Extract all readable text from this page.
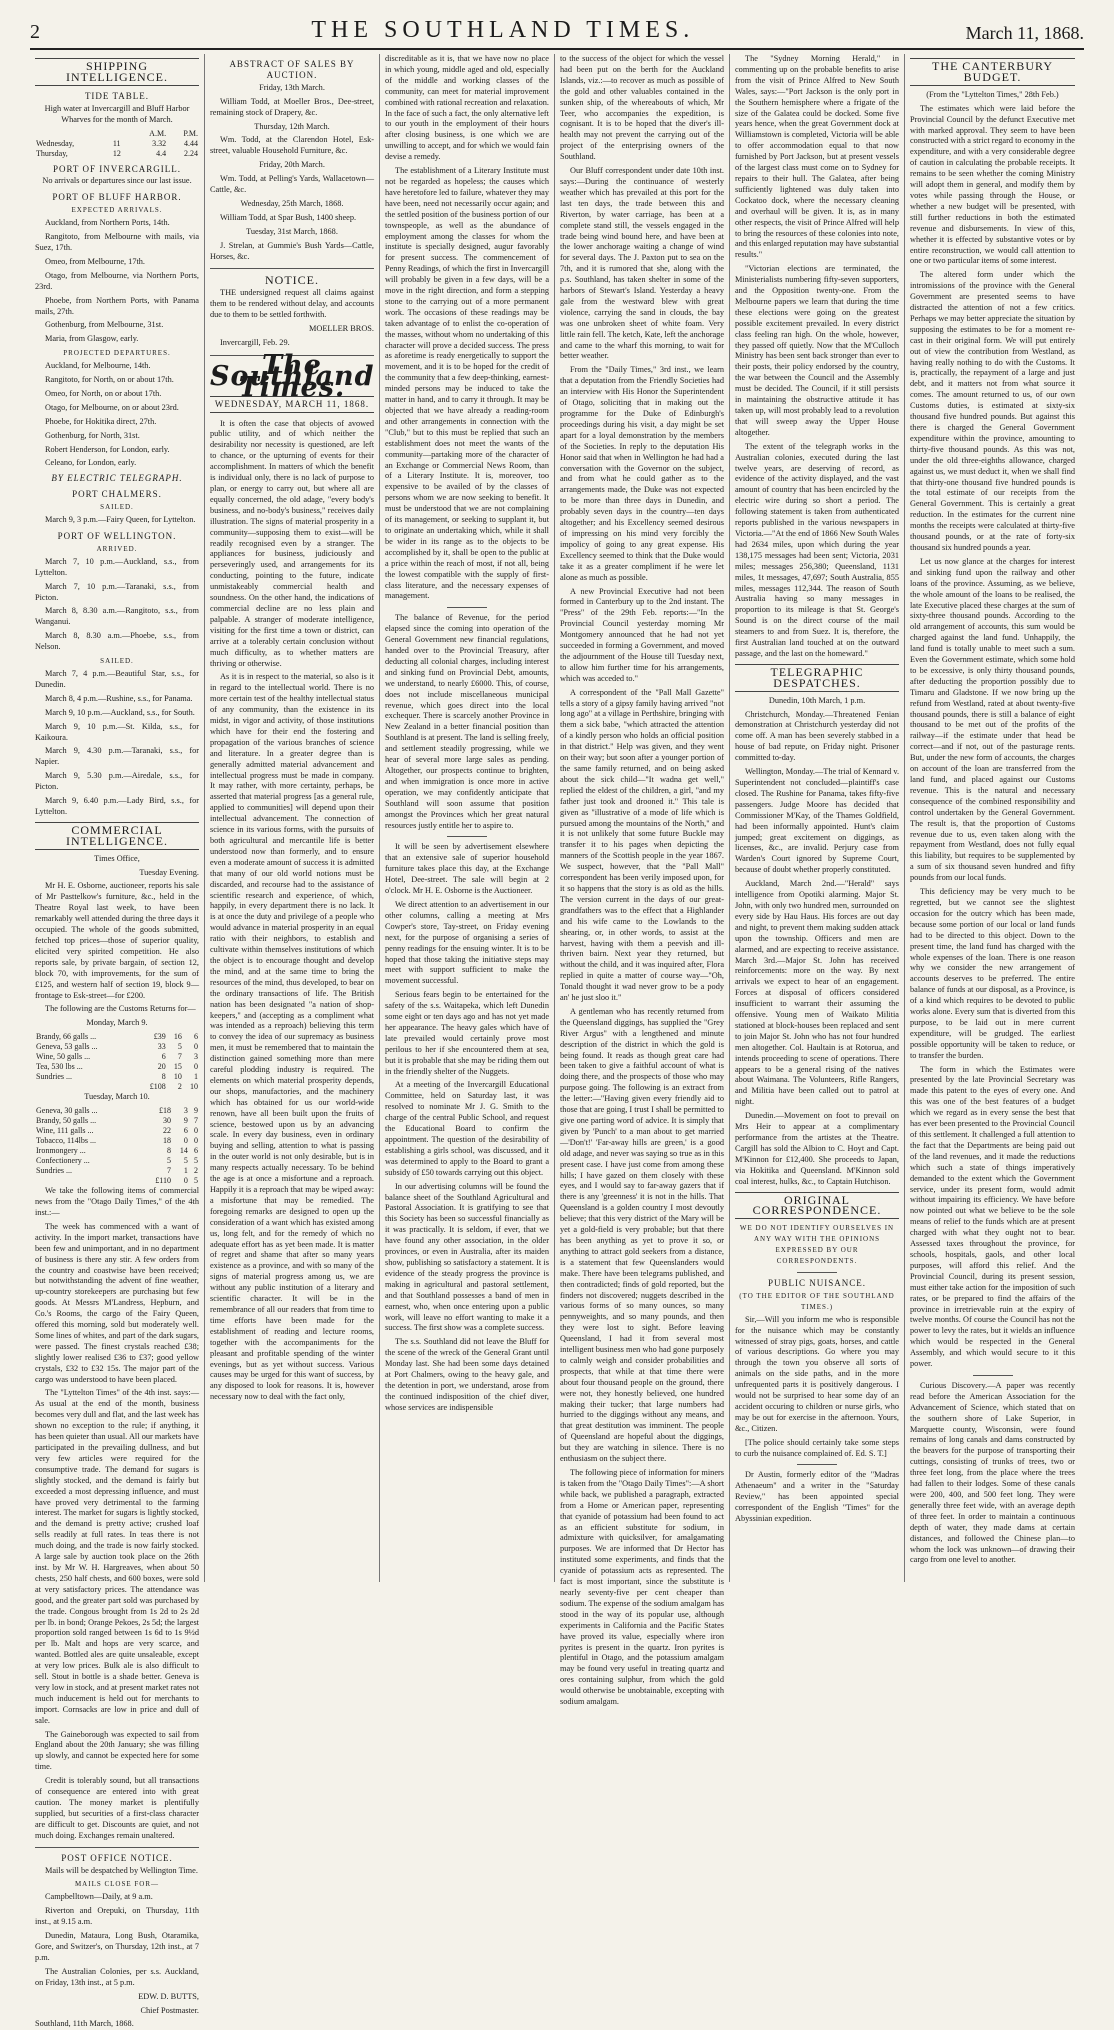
2	THE SOUTHLAND TIMES.	March 11, 1868.
SHIPPING INTELLIGENCE.
TIDE TABLE.

High water at Invercargill and Bluff Harbor Wharves for the month of March.

		A.M.	P.M.
Wednesday,	11	3.32	4.44
Thursday,	12	4.4	2.24
PORT OF INVERCARGILL.

No arrivals or departures since our last issue.

PORT OF BLUFF HARBOR.
EXPECTED ARRIVALS.

Auckland, from Northern Ports, 14th.

Rangitoto, from Melbourne with mails, via Suez, 17th.

Omeo, from Melbourne, 17th.

Otago, from Melbourne, via Northern Ports, 23rd.

Phoebe, from Northern Ports, with Panama mails, 27th.

Gothenburg, from Melbourne, 31st.

Maria, from Glasgow, early.

PROJECTED DEPARTURES.

Auckland, for Melbourne, 14th.

Rangitoto, for North, on or about 17th.

Omeo, for North, on or about 17th.

Otago, for Melbourne, on or about 23rd.

Phoebe, for Hokitika direct, 27th.

Gothenburg, for North, 31st.

Robert Henderson, for London, early.

Celeano, for London, early.

BY ELECTRIC TELEGRAPH.
PORT CHALMERS.
SAILED.

March 9, 3 p.m.—Fairy Queen, for Lyttelton.

PORT OF WELLINGTON.
ARRIVED.

March 7, 10 p.m.—Auckland, s.s., from Lyttelton.

March 7, 10 p.m.—Taranaki, s.s., from Picton.

March 8, 8.30 a.m.—Rangitoto, s.s., from Wanganui.

March 8, 8.30 a.m.—Phoebe, s.s., from Nelson.

SAILED.

March 7, 4 p.m.—Beautiful Star, s.s., for Dunedin.

March 8, 4 p.m.—Rushine, s.s., for Panama.

March 9, 10 p.m.—Auckland, s.s., for South.

March 9, 10 p.m.—St. Kilda, s.s., for Kaikoura.

March 9, 4.30 p.m.—Taranaki, s.s., for Napier.

March 9, 5.30 p.m.—Airedale, s.s., for Picton.

March 9, 6.40 p.m.—Lady Bird, s.s., for Lyttelton.

COMMERCIAL INTELLIGENCE.

Times Office,

Tuesday Evening.

Mr H. E. Osborne, auctioneer, reports his sale of Mr Pasttelkow's furniture, &c., held in the Theatre Royal last week, to have been remarkably well attended during the three days it occupied. The whole of the goods submitted, fetched top prices—those of superior quality, elicited very spirited competition. He also reports sale, by private bargain, of section 12, block 70, with improvements, for the sum of £125, and western half of section 19, block 9—frontage to Esk-street—for £200.

The following are the Customs Returns for—

Monday, March 9.

Brandy, 66 galls ...	£39	16	6
Geneva, 53 galls ...	33	5	0
Wine, 50 galls ...	6	7	3
Tea, 530 lbs ...	20	15	0
Sundries ...	8	10	1
	£108	2	10

Tuesday, March 10.

Geneva, 30 galls ...	£18	3	9
Brandy, 50 galls ...	30	9	7
Wine, 111 galls ...	22	6	0
Tobacco, 114lbs ...	18	0	0
Ironmongery ...	8	14	6
Confectionery ...	5	5	5
Sundries ...	7	1	2
	£110	0	5

We take the following items of commercial news from the "Otago Daily Times," of the 4th inst.:—

The week has commenced with a want of activity. In the import market, transactions have been few and unimportant, and in no department of business is there any stir. A few orders from the country and coastwise have been received; but notwithstanding the advent of fine weather, up-country storekeepers are purchasing but few goods. At Messrs M'Landress, Hepburn, and Co.'s Rooms, the cargo of the Fairy Queen, offered this morning, sold but moderately well. Some lines of whites, and part of the dark sugars, were passed. The finest crystals reached £38; slightly lower realised £36 to £37; good yellow crystals, £32 to £32 15s. The major part of the cargo was understood to have been placed.

The "Lyttelton Times" of the 4th inst. says:—As usual at the end of the month, business becomes very dull and flat, and the last week has shown no exception to the rule; if anything, it has been quieter than usual. All our markets have participated in the prevailing dullness, and but very few articles were required for the consumptive trade. The demand for sugars is slightly stocked, and the demand is fairly but exceeded a most depressing influence, and must have proved very detrimental to the farming interest. The market for sugars is lightly stocked, and the demand is pretty active; crushed loaf sells readily at full rates. In teas there is not much doing, and the trade is now fairly stocked. A large sale by auction took place on the 26th inst. by Mr W. H. Hargreaves, when about 50 chests, 250 half chests, and 600 boxes, were sold at very satisfactory prices. The attendance was good, and the greater part sold was purchased by the trade. Congous brought from 1s 2d to 2s 2d per lb. in bond; Orange Pekoes, 2s 5d; the largest proportion sold ranged between 1s 6d to 1s 9½d per lb. Malt and hops are very scarce, and wanted. Bottled ales are quite unsaleable, except at very low prices. Bulk ale is also difficult to sell. Stout in bottle is a shade better. Geneva is very low in stock, and at present market rates not much inducement is held out for merchants to import. Cornsacks are low in price and dull of sale.

The Gaineborough was expected to sail from England about the 20th January; she was filling up slowly, and cannot be expected here for some time.

Credit is tolerably sound, but all transactions of consequence are entered into with great caution. The money market is plentifully supplied, but securities of a first-class character are difficult to get. Discounts are quiet, and not much doing. Exchanges remain unaltered.

POST OFFICE NOTICE.

Mails will be despatched by Wellington Time.

MAILS CLOSE FOR—

Campbelltown—Daily, at 9 a.m.

Riverton and Orepuki, on Thursday, 11th inst., at 9.15 a.m.

Dunedin, Mataura, Long Bush, Otaramika, Gore, and Switzer's, on Thursday, 12th inst., at 7 p.m.

The Australian Colonies, per s.s. Auckland, on Friday, 13th inst., at 5 p.m.

EDW. D. BUTTS,

Chief Postmaster.

Southland, 11th March, 1868.

ABSTRACT OF SALES BY AUCTION.

Friday, 13th March.

William Todd, at Moeller Bros., Dee-street, remaining stock of Drapery, &c.

Thursday, 12th March.

Wm. Todd, at the Clarendon Hotel, Esk-street, valuable Household Furniture, &c.

Friday, 20th March.

Wm. Todd, at Pelling's Yards, Wallacetown—Cattle, &c.

Wednesday, 25th March, 1868.

William Todd, at Spar Bush, 1400 sheep.

Tuesday, 31st March, 1868.

J. Strelan, at Gummie's Bush Yards—Cattle, Horses, &c.

NOTICE.

THE undersigned request all claims against them to be rendered without delay, and accounts due to them to be settled forthwith.

MOELLER BROS.

Invercargill, Feb. 29.

The Southland Times.
WEDNESDAY, MARCH 11, 1868.

It is often the case that objects of avowed public utility, and of which neither the desirability nor necessity is questioned, are left to chance, or the upturning of events for their accomplishment. In matters of which the benefit is individual only, there is no lack of purpose to plan, or energy to carry out, but where all are equally concerned, the old adage, "every body's business, and no-body's business," receives daily illustration. The signs of material prosperity in a community—supposing them to exist—will be readily recognised even by a stranger. The appliances for business, judiciously and perseveringly used, and arrangements for its conducting, pointing to the future, indicate unmistakeably commercial health and soundness. On the other hand, the indications of commercial decline are no less plain and palpable. A stranger of moderate intelligence, visiting for the first time a town or district, can arrive at a tolerably certain conclusion without much difficulty, as to whether matters are thriving or otherwise.

As it is in respect to the material, so also is it in regard to the intellectual world. There is no more certain test of the healthy intellectual status of any community, than the existence in its midst, in vigor and activity, of those institutions which have for their end the fostering and propagation of the various branches of science and literature. In a greater degree than is generally admitted material advancement and intellectual progress must be made in company. It may rather, with more certainty, perhaps, be asserted that material progress [as a general rule, applied to communities] will depend upon their intellectual advancement. The connection of science in its various forms, with the pursuits of both agricultural and mercantile life is better understood now than formerly, and to ensure even a moderate amount of success it is admitted that many of our old world notions must be discarded, and recourse had to the assistance of scientific research and experience, of which, happily, in every department there is no lack. It is at once the duty and privilege of a people who would advance in material prosperity in an equal ratio with their neighbors, to establish and cultivate within themselves institutions of which the object is to encourage thought and develop the mind, and at the same time to bring the resources of the mind, thus developed, to bear on the ordinary transactions of life. The British nation has been designated "a nation of shop-keepers," and (accepting as a compliment what was intended as a reproach) believing this term to convey the idea of our supremacy as business men, it must be remembered that to maintain the distinction gained something more than mere careful plodding industry is required. The elements on which material prosperity depends, our shops, manufactories, and the machinery which has obtained for us our world-wide renown, have all been built upon the fruits of science, bestowed upon us by an advancing scale. In every day business, even in ordinary buying and selling, attention to what is passing in the outer world is not only desirable, but is in many respects actually necessary. To be behind the age is at once a misfortune and a reproach. Happily it is a reproach that may be wiped away: a misfortune that may be remedied. The foregoing remarks are designed to open up the consideration of a want which has existed among us, long felt, and for the remedy of which no adequate effort has as yet been made. It is matter of regret and shame that after so many years existence as a province, and with so many of the signs of material progress among us, we are without any public institution of a literary and scientific character. It will be in the remembrance of all our readers that from time to time efforts have been made for the establishment of reading and lecture rooms, together with the accompaniments for the pleasant and profitable spending of the winter evenings, but as yet without success. Various causes may be urged for this want of success, by any disposed to look for reasons. It is, however necessary now to deal with the fact only,

discreditable as it is, that we have now no place in which young, middle aged and old, especially of the middle and working classes of the community, can meet for material improvement combined with rational recreation and relaxation. In the face of such a fact, the only alternative left to our youth in the employment of their hours after closing business, is one which we are unwilling to accept, and for which we would fain devise a remedy.

The establishment of a Literary Institute must not be regarded as hopeless; the causes which have heretofore led to failure, whatever they may have been, need not necessarily occur again; and the settled position of the business portion of our townspeople, as well as the abundance of employment among the classes for whom the institute is specially designed, augur favorably for present success. The commencement of Penny Readings, of which the first in Invercargill will probably be given in a few days, will be a move in the right direction, and form a stepping stone to the carrying out of a more permanent work. The occasions of these readings may be taken advantage of to enlist the co-operation of the masses, without whom no undertaking of this character will prove a decided success. The press as aforetime is ready energetically to support the movement, and it is to be hoped for the credit of the community that a few deep-thinking, earnest-minded persons may be induced to take the matter in hand, and to carry it through. It may be objected that we have already a reading-room and other arrangements in connection with the "Club," but to this must be replied that such an establishment does not meet the wants of the community—partaking more of the character of an Exchange or Commercial News Room, than of a Literary Institute. It is, moreover, too expensive to be availed of by the classes of persons whom we are now seeking to benefit. It must be understood that we are not complaining of its management, or seeking to supplant it, but to originate an undertaking which, while it shall be wider in its range as to the objects to be accomplished by it, shall be open to the public at a price within the reach of most, if not all, being the lowest compatible with the supply of first-class literature, and the necessary expenses of management.

The balance of Revenue, for the period elapsed since the coming into operation of the General Government new financial regulations, handed over to the Provincial Treasury, after deducting all colonial charges, including interest and sinking fund on Provincial Debt, amounts, we understand, to nearly £6000. This, of course, does not include miscellaneous municipal revenue, which goes direct into the local exchequer. There is scarcely another Province in New Zealand in a better financial position than Southland is at present. The land is selling freely, and settlement steadily progressing, while we hear of several more large sales as pending. Altogether, our prospects continue to brighten, and when immigration is once more in active operation, we may confidently anticipate that Southland will soon assume that position amongst the Provinces which her great natural resources justly entitle her to aspire to.

It will be seen by advertisement elsewhere that an extensive sale of superior household furniture takes place this day, at the Exchange Hotel, Dee-street. The sale will begin at 2 o'clock. Mr H. E. Osborne is the Auctioneer.

We direct attention to an advertisement in our other columns, calling a meeting at Mrs Cowper's store, Tay-street, on Friday evening next, for the purpose of organising a series of penny readings for the ensuing winter. It is to be hoped that those taking the initiative steps may meet with support sufficient to make the movement successful.

Serious fears begin to be entertained for the safety of the s.s. Waitapeka, which left Dunedin some eight or ten days ago and has not yet made her appearance. The heavy gales which have of late prevailed would certainly prove most perilous to her if she encountered them at sea, but it is probable that she may be riding them out in the friendly shelter of the Nuggets.

At a meeting of the Invercargill Educational Committee, held on Saturday last, it was resolved to nominate Mr J. G. Smith to the charge of the central Public School, and request the Educational Board to confirm the appointment. The question of the desirability of establishing a girls school, was discussed, and it was determined to apply to the Board to grant a subsidy of £50 towards carrying out this object.

In our advertising columns will be found the balance sheet of the Southland Agricultural and Pastoral Association. It is gratifying to see that this Society has been so successful financially as it was practically. It is seldom, if ever, that we have found any other association, in the older provinces, or even in Australia, after its maiden show, publishing so satisfactory a statement. It is evidence of the steady progress the province is making in agricultural and pastoral settlement, and that Southland possesses a band of men in earnest, who, when once entering upon a public work, will leave no effort wanting to make it a success. The first show was a complete success.

The s.s. Southland did not leave the Bluff for the scene of the wreck of the General Grant until Monday last. She had been some days detained at Port Chalmers, owing to the heavy gale, and the detention in port, we understand, arose from the continued indisposition of the chief diver, whose services are indispensible

to the success of the object for which the vessel had been put on the berth for the Auckland Islands, viz.:—to recover as much as possible of the gold and other valuables contained in the sunken ship, of the whereabouts of which, Mr Teer, who accompanies the expedition, is cognisant. It is to be hoped that the diver's ill-health may not prevent the carrying out of the project of the enterprising owners of the Southland.

Our Bluff correspondent under date 10th inst. says:—During the continuance of westerly weather which has prevailed at this port for the last ten days, the trade between this and Riverton, by water carriage, has been at a complete stand still, the vessels engaged in the trade being wind bound here, and have been at the lower anchorage waiting a change of wind for several days. The J. Paxton put to sea on the 7th, and it is rumored that she, along with the p.s. Southland, has taken shelter in some of the harbors of Stewart's Island. Yesterday a heavy gale from the westward blew with great violence, carrying the sand in clouds, the bay was one unbroken sheet of white foam. Very little rain fell. The ketch, Kate, left the anchorage and came to the wharf this morning, to wait for better weather.

From the "Daily Times," 3rd inst., we learn that a deputation from the Friendly Societies had an interview with His Honor the Superintendent of Otago, soliciting that in making out the programme for the Duke of Edinburgh's proceedings during his visit, a day might be set apart for a loyal demonstration by the members of the Societies. In reply to the deputation His Honor said that when in Wellington he had had a conversation with the Governor on the subject, and from what he could gather as to the arrangements made, the Duke was not expected to be more than three days in Dunedin, and probably seven days in the country—ten days altogether; and his Excellency seemed desirous of impressing on his mind very forcibly the impolicy of going to any great expense. His Excellency seemed to think that the Duke would take it as a greater compliment if he were let alone as much as possible.

A new Provincial Executive had not been formed in Canterbury up to the 2nd instant. The "Press" of the 29th Feb. reports:—"In the Provincial Council yesterday morning Mr Montgomery announced that he had not yet succeeded in forming a Government, and moved the adjournment of the House till Tuesday next, to allow him further time for his arrangements, which was acceded to."

A correspondent of the "Pall Mall Gazette" tells a story of a gipsy family having arrived "not long ago" at a village in Perthshire, bringing with them a sick babe, "which attracted the attention of a kindly person who holds an official position in that district." Help was given, and they went on their way; but soon after a younger portion of the same family returned, and on being asked about the sick child—"It wadna get well," replied the eldest of the children, a girl, "and my father just took and drooned it." This tale is given as "illustrative of a mode of life which is pursued among the mountains of the North," and it is not unlikely that some future Buckle may transfer it to his pages when depicting the manners of the Scottish people in the year 1867. We suspect, however, that the "Pall Mall" correspondent has been verily imposed upon, for it so happens that the story is as old as the hills. The version current in the days of our great-grandfathers was to the effect that a Highlander and his wife came to the Lowlands to the shearing, or, in other words, to assist at the harvest, having with them a peevish and ill-thriven bairn. Next year they returned, but without the child, and it was inquired after, Flora replied in quite a matter of course way—"Oh, Tonald thought it wad never grow to be a pody an' he just sloo it."

A gentleman who has recently returned from the Queensland diggings, has supplied the "Grey River Argus" with a lengthened and minute description of the district in which the gold is being found. It reads as though great care had been taken to give a faithful account of what is doing there, and the prospects of those who may purpose going. The following is an extract from the letter:—"Having given every friendly aid to those that are going, I trust I shall be permitted to give one parting word of advice. It is simply that given by 'Punch' to a man about to get married—'Don't!' 'Far-away hills are green,' is a good old adage, and never was saying so true as in this present case. I have just come from among these hills; I have gazed on them closely with these eyes, and I would say to far-away gazers that if there is any 'greenness' it is not in the hills. That Queensland is a golden country I most devoutly believe; that this very district of the Mary will be yet a gold-field is very probable; but that there has been anything as yet to prove it so, or anything to attract gold seekers from a distance, is a statement that few Queenslanders would make. There have been telegrams published, and then contradicted; finds of gold reported, but the finders not discovered; nuggets described in the various forms of so many ounces, so many pennyweights, and so many pounds, and then they were lost to sight. Before leaving Queensland, I had it from several most intelligent business men who had gone purposely to calmly weigh and consider probabilities and prospects, that while at that time there were about four thousand people on the ground, there were not, they honestly believed, one hundred making their tucker; that large numbers had hurried to the diggings without any means, and that great destitution was imminent. The people of Queensland are hopeful about the diggings, but they are watching in silence. There is no enthusiasm on the subject there.

The following piece of information for miners is taken from the "Otago Daily Times":—A short while back, we published a paragraph, extracted from a Home or American paper, representing that cyanide of potassium had been found to act as an efficient substitute for sodium, in admixture with quicksilver, for amalgamating purposes. We are informed that Dr Hector has instituted some experiments, and finds that the cyanide of potassium acts as represented. The fact is most important, since the substitute is nearly seventy-five per cent cheaper than sodium. The expense of the sodium amalgam has stood in the way of its popular use, although experiments in California and the Pacific States have proved its value, especially where iron pyrites is present in the quartz. Iron pyrites is plentiful in Otago, and the potassium amalgam may be found very useful in treating quartz and ores containing sulphur, from which the gold would otherwise be unobtainable, excepting with sodium amalgam.

The "Sydney Morning Herald," in commenting up on the probable benefits to arise from the visit of Prince Alfred to New South Wales, says:—"Port Jackson is the only port in the Southern hemisphere where a frigate of the size of the Galatea could be docked. Some five years hence, when the great Government dock at Williamstown is completed, Victoria will be able to offer accommodation equal to that now furnished by Port Jackson, but at present vessels of the largest class must come on to Sydney for repairs to their hull. The Galatea, after being sufficiently lightened was duly taken into Cockatoo dock, where the necessary cleaning and overhaul will be given. It is, as in many other respects, the visit of Prince Alfred will help to bring the resources of these colonies into note, and this enlarged reputation may have substantial results."

"Victorian elections are terminated, the Ministerialists numbering fifty-seven supporters, and the Opposition twenty-one. From the Melbourne papers we learn that during the time these elections were going on the greatest possible excitement prevailed. In every district class feeling ran high. On the whole, however, they passed off quietly. Now that the M'Culloch Ministry has been sent back stronger than ever to their posts, their policy endorsed by the country, the war between the Council and the Assembly must be decided. The Council, if it still persists in maintaining the obstructive attitude it has taken up, will most probably lead to a revolution that will sweep away the Upper House altogether.

The extent of the telegraph works in the Australian colonies, executed during the last twelve years, are deserving of record, as evidence of the activity displayed, and the vast amount of country that has been encircled by the electric wire during so short a period. The following statement is taken from authenticated reports published in the various newspapers in Victoria.—"At the end of 1866 New South Wales had 2634 miles, upon which during the year 138,175 messages had been sent; Victoria, 2031 miles; messages 256,380; Queensland, 1131 miles, 1t messages, 47,697; South Australia, 855 miles, messages 112,344. The reason of South Australia having so many messages in proportion to its mileage is that St. George's Sound is on the direct course of the mail steamers to and from Suez. It is, therefore, the first Australian land touched at on the outward passage, and the last on the homeward."

TELEGRAPHIC DESPATCHES.

Dunedin, 10th March, 1 p.m.

Christchurch, Monday.—Threatened Fenian demonstration at Christchurch yesterday did not come off. A man has been severely stabbed in a house of bad repute, on Friday night. Prisoner committed to-day.

Wellington, Monday.—The trial of Kennard v. Superintendent not concluded—plaintiff's case closed. The Rushine for Panama, takes fifty-five passengers. Judge Moore has decided that Commissioner M'Kay, of the Thames Goldfield, had been informally appointed. Hunt's claim jumped; great excitement on diggings, as licenses, &c., are invalid. Perjury case from Warden's Court ignored by Supreme Court, because of doubt whether properly constituted.

Auckland, March 2nd.—"Herald" says intelligence from Opotiki alarming. Major St. John, with only two hundred men, surrounded on every side by Hau Haus. His forces are out day and night, to prevent them making sudden attack upon the township. Officers and men are alarmed, and are expecting to receive assistance. March 3rd.—Major St. John has received reinforcements: more on the way. By next arrivals we expect to hear of an engagement. Forces at disposal of officers considered insufficient to warrant their assuming the offensive. Young men of Waikato Militia stationed at block-houses been replaced and sent to join Major St. John who has not four hundred men altogether. Col. Haultain is at Rotorua, and intends proceeding to scene of operations. There appears to be a general rising of the natives about Waimana. The Volunteers, Rifle Rangers, and Militia have been called out to patrol at night.

Dunedin.—Movement on foot to prevail on Mrs Heir to appear at a complimentary performance from the artistes at the Theatre. Cargill has sold the Albion to C. Hoyt and Capt. M'Kinnon for £12,400. She proceeds to Japan, via Hokitika and Queensland. M'Kinnon sold coal interest, hulks, &c., to Captain Hutchison.

ORIGINAL CORRESPONDENCE.
WE DO NOT IDENTIFY OURSELVES IN ANY WAY WITH THE OPINIONS EXPRESSED BY OUR CORRESPONDENTS.
PUBLIC NUISANCE.
(TO THE EDITOR OF THE SOUTHLAND TIMES.)

Sir,—Will you inform me who is responsible for the nuisance which may be constantly witnessed of stray pigs, goats, horses, and cattle of various descriptions. Go where you may through the town you observe all sorts of animals on the side paths, and in the more unfrequented parts it is positively dangerous. I would not be surprised to hear some day of an accident occuring to children or nurse girls, who may be out for exercise in the afternoon. Yours, &c., Citizen.

[The police should certainly take some steps to curb the nuisance complained of. Ed. S. T.]

Dr Austin, formerly editor of the "Madras Athenaeum" and a writer in the "Saturday Review," has been appointed special correspondent of the English "Times" for the Abyssinian expedition.

THE CANTERBURY BUDGET.

(From the "Lyttelton Times," 28th Feb.)

The estimates which were laid before the Provincial Council by the defunct Executive met with marked approval. They seem to have been constructed with a strict regard to economy in the expenditure, and with a very considerable degree of caution in calculating the probable receipts. It remains to be seen whether the coming Ministry will adopt them in general, and modify them by votes while passing through the House, or whether a new budget will be presented, with still further reductions in both the estimated revenue and disbursements. In view of this, whether it is effected by substantive votes or by entire reconstruction, we would call attention to one or two particular items of some interest.

The altered form under which the intromissions of the province with the General Government are presented seems to have distracted the attention of not a few critics. Perhaps we may better appreciate the situation by supposing the estimates to be for a moment re-cast in their original form. We will put entirely out of view the contribution from Westland, as having really nothing to do with the Customs. It is, practically, the repayment of a large and just debt, and it matters not from what source it comes. The amount returned to us, of our own Customs duties, is estimated at sixty-six thousand five hundred pounds. But against this there is charged the General Government expenditure within the province, amounting to thirty-five thousand pounds. As this was not, under the old three-eighths allowance, charged against us, we must deduct it, when we shall find that thirty-one thousand five hundred pounds is the total estimate of our receipts from the General Government. This is certainly a great reduction. In the estimates for the current nine months the receipts were calculated at thirty-five thousand pounds, or at the rate of forty-six thousand six hundred pounds a year.

Let us now glance at the charges for interest and sinking fund upon the railway and other loans of the province. Assuming, as we believe, the whole amount of the loans to be realised, the late Executive placed these charges at the sum of sixty-three thousand pounds. According to the old arrangement of accounts, this sum would be charged against the land fund. Unhappily, the land fund is totally unable to meet such a sum. Even the Government estimate, which some hold to be excessive, is only thirty thousand pounds, after deducting the proportion possibly due to Timaru and Gladstone. If we now bring up the refund from Westland, rated at about twenty-five thousand pounds, there is still a balance of eight thousand to be met out of the profits of the railway—if the estimate under that head be correct—and if not, out of the pasturage rents. But, under the new form of accounts, the charges on account of the loan are transferred from the land fund, and placed against our Customs revenue. This is the natural and necessary consequence of the combined responsibility and control undertaken by the General Government. The result is, that the proportion of Customs revenue due to us, even taken along with the repayment from Westland, does not fully equal this liability, but requires to be supplemented by a sum of six thousand seven hundred and fifty pounds from our local funds.

This deficiency may be very much to be regretted, but we cannot see the slightest occasion for the outcry which has been made, because some portion of our local or land funds had to be directed to this object. Down to the present time, the land fund has charged with the whole expenses of the loan. There is one reason why we consider the new arrangement of accounts deserves to be preferred. The entire balance of funds at our disposal, as a Province, is of a kind which requires to be devoted to public works alone. Every sum that is diverted from this purpose, to be laid out in mere current expenditure, will be grudged. The earliest possible opportunity will be taken to reduce, or to transfer the burden.

The form in which the Estimates were presented by the late Provincial Secretary was made this patent to the eyes of every one. And this was one of the best features of a budget which we regard as in every sense the best that has ever been presented to the Provincial Council of this settlement. It challenged a full attention to the fact that the Departments are being paid out of the land revenues, and it made the reductions which such a state of things imperatively demanded to the extent which the Government service, under its present form, would admit without impairing its efficiency. We have before now pointed out what we believe to be the sole means of relief to the funds which are at present charged with what they ought not to bear. Assessed taxes throughout the province, for schools, hospitals, gaols, and other local purposes, will afford this relief. And the Provincial Council, during its present session, must either take action for the imposition of such rates, or be prepared to find the affairs of the province in irretrievable ruin at the expiry of twelve months. Of course the Council has not the power to levy the rates, but it wields an influence which would be respected in the General Assembly, and which would secure to it this power.

Curious Discovery.—A paper was recently read before the American Association for the Advancement of Science, which stated that on the southern shore of Lake Superior, in Marquette county, Wisconsin, were found remains of long canals and dams constructed by the beavers for the purpose of transporting their cuttings, consisting of trunks of trees, two or three feet long, from the place where the trees had fallen to their lodges. Some of these canals were 200, 400, and 500 feet long. They were generally three feet wide, with an average depth of three feet. In order to maintain a continuous depth of water, they made dams at certain distances, and followed the Chinese plan—to whom the lock was unknown—of drawing their cargo from one level to another.
